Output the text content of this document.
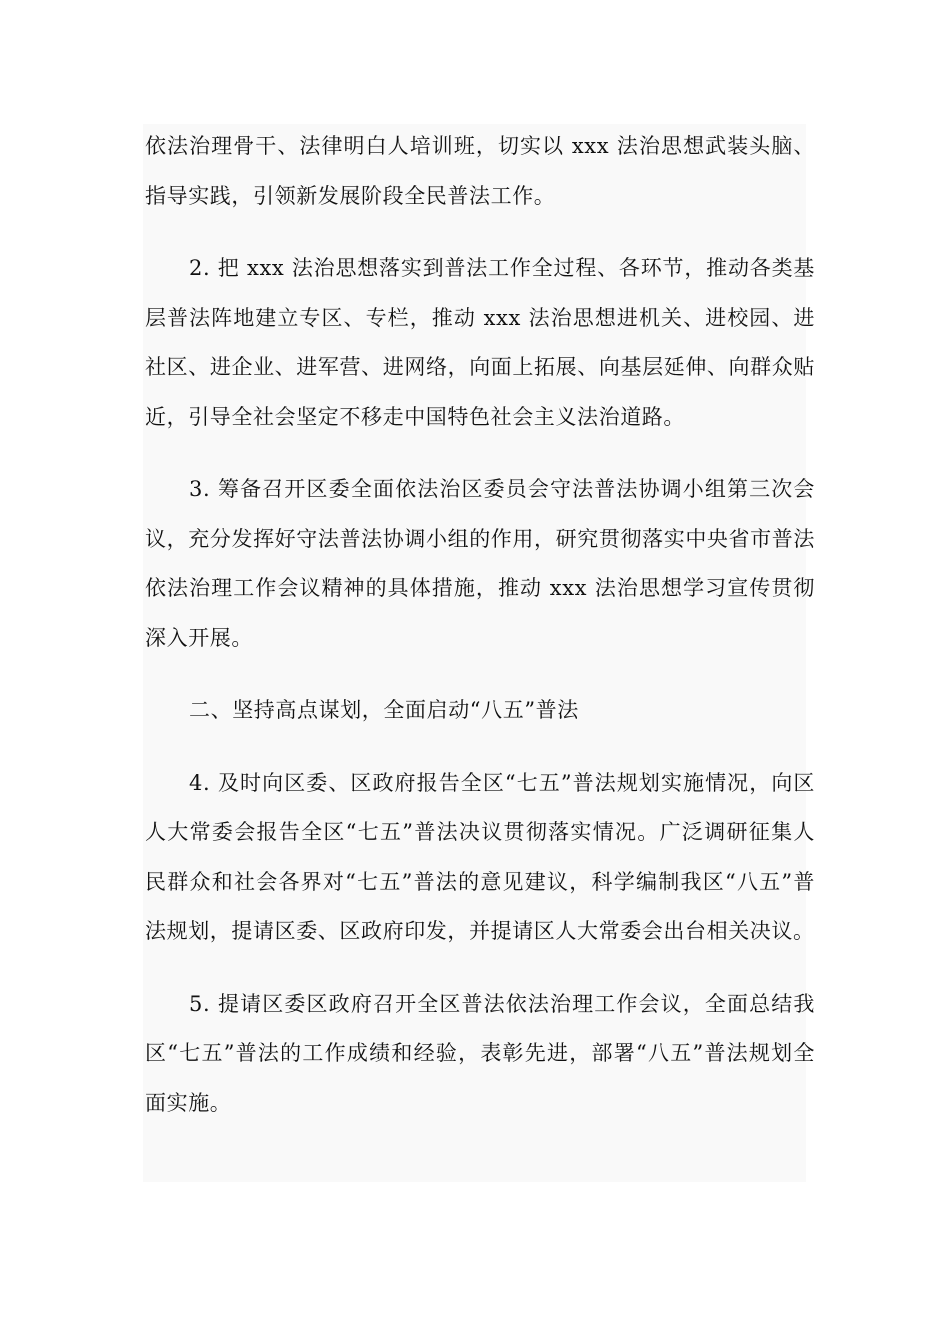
依法治理骨干、法律明白人培训班，切实以 xxx 法治思想武装头脑、指导实践，引领新发展阶段全民普法工作。

2. 把 xxx 法治思想落实到普法工作全过程、各环节，推动各类基层普法阵地建立专区、专栏，推动 xxx 法治思想进机关、进校园、进社区、进企业、进军营、进网络，向面上拓展、向基层延伸、向群众贴近，引导全社会坚定不移走中国特色社会主义法治道路。

3. 筹备召开区委全面依法治区委员会守法普法协调小组第三次会议，充分发挥好守法普法协调小组的作用，研究贯彻落实中央省市普法依法治理工作会议精神的具体措施，推动 xxx 法治思想学习宣传贯彻深入开展。

二、坚持高点谋划，全面启动“八五”普法

4. 及时向区委、区政府报告全区“七五”普法规划实施情况，向区人大常委会报告全区“七五”普法决议贯彻落实情况。广泛调研征集人民群众和社会各界对“七五”普法的意见建议，科学编制我区“八五”普法规划，提请区委、区政府印发，并提请区人大常委会出台相关决议。

5. 提请区委区政府召开全区普法依法治理工作会议，全面总结我区“七五”普法的工作成绩和经验，表彰先进，部署“八五”普法规划全面实施。
